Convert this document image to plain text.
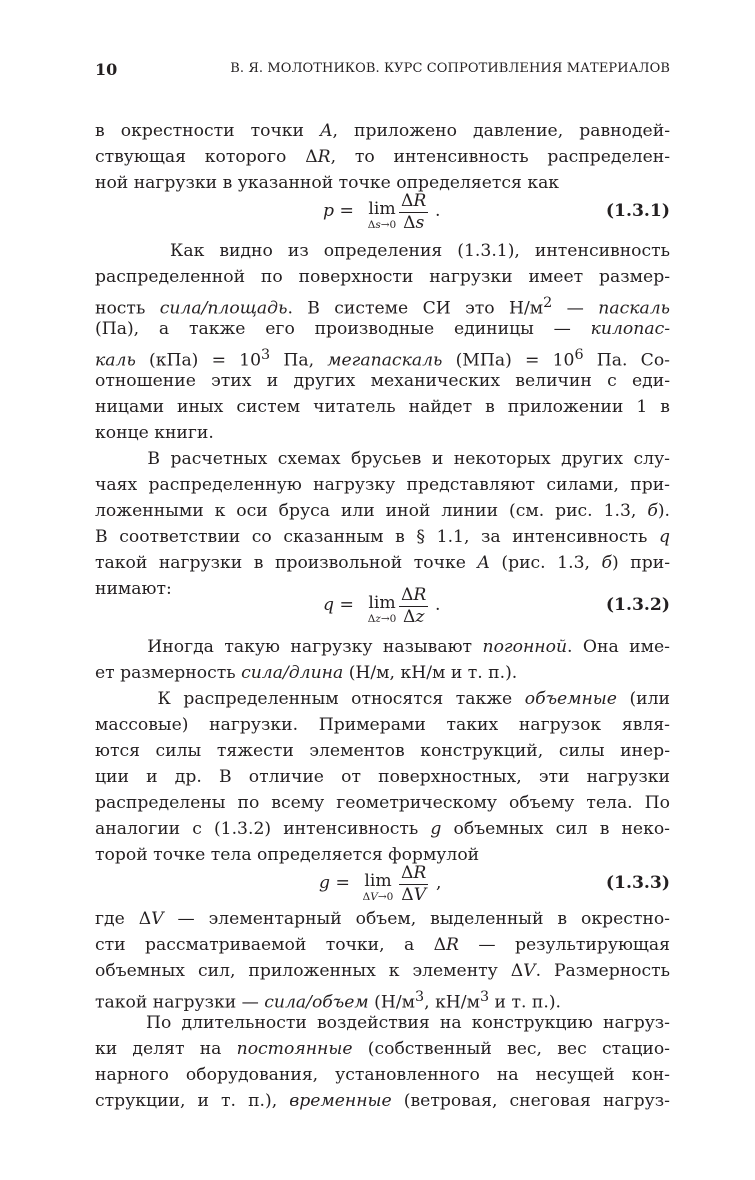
10	В. Я. МОЛОТНИКОВ. КУРС СОПРОТИВЛЕНИЯ МАТЕРИАЛОВ
в окрестности точки A, приложено давление, равнодей-
ствующая которого ΔR, то интенсивность распределен-
ной нагрузки в указанной точке определяется как
p = lim
$\Delta s\to 0 \frac{\Delta R}{\Delta s}$ .	(1.3.1)
Как видно из определения (1.3.1), интенсивность
распределенной по поверхности нагрузки имеет размер-
ность сила/площадь. В системе СИ это $Н/м^2$ — паскаль
(Па), а также его производные единицы — килопас-
каль $(кПа) = 10^3$ Па, мегапаскаль $(МПа) = 10^6$ Па. Со-
отношение этих и других механических величин с еди-
ницами иных систем читатель найдет в приложении 1 в
конце книги.
В расчетных схемах брусьев и некоторых других слу-
чаях распределенную нагрузку представляют силами, при-
ложенными к оси бруса или иной линии (см. рис. 1.3, б).
В соответствии со сказанным в § 1.1, за интенсивность q
такой нагрузки в произвольной точке A (рис. 1.3, б) при-
нимают:
q = lim
$\Delta z\to 0 \frac{\Delta R}{\Delta z}$ .	(1.3.2)
Иногда такую нагрузку называют погонной. Она име-
ет размерность сила/длина (Н/м, кН/м и т. п.).
К распределенным относятся также объемные (или
массовые) нагрузки. Примерами таких нагрузок явля-
ются силы тяжести элементов конструкций, силы инер-
ции и др. В отличие от поверхностных, эти нагрузки
распределены по всему геометрическому объему тела. По
аналогии с (1.3.2) интенсивность g объемных сил в неко-
торой точке тела определяется формулой
g = lim
$\Delta V\to 0 \frac{\Delta R}{\Delta V}$ ,	(1.3.3)
где ΔV — элементарный объем, выделенный в окрестно-
сти рассматриваемой точки, а ΔR — результирующая
объемных сил, приложенных к элементу ΔV. Размерность
такой нагрузки — сила/объем ($Н/м^3$, $кН/м^3$ и т. п.).
По длительности воздействия на конструкцию нагруз-
ки делят на постоянные (собственный вес, вес стацио-
нарного оборудования, установленного на несущей кон-
струкции, и т. п.), временные (ветровая, снеговая нагруз-
